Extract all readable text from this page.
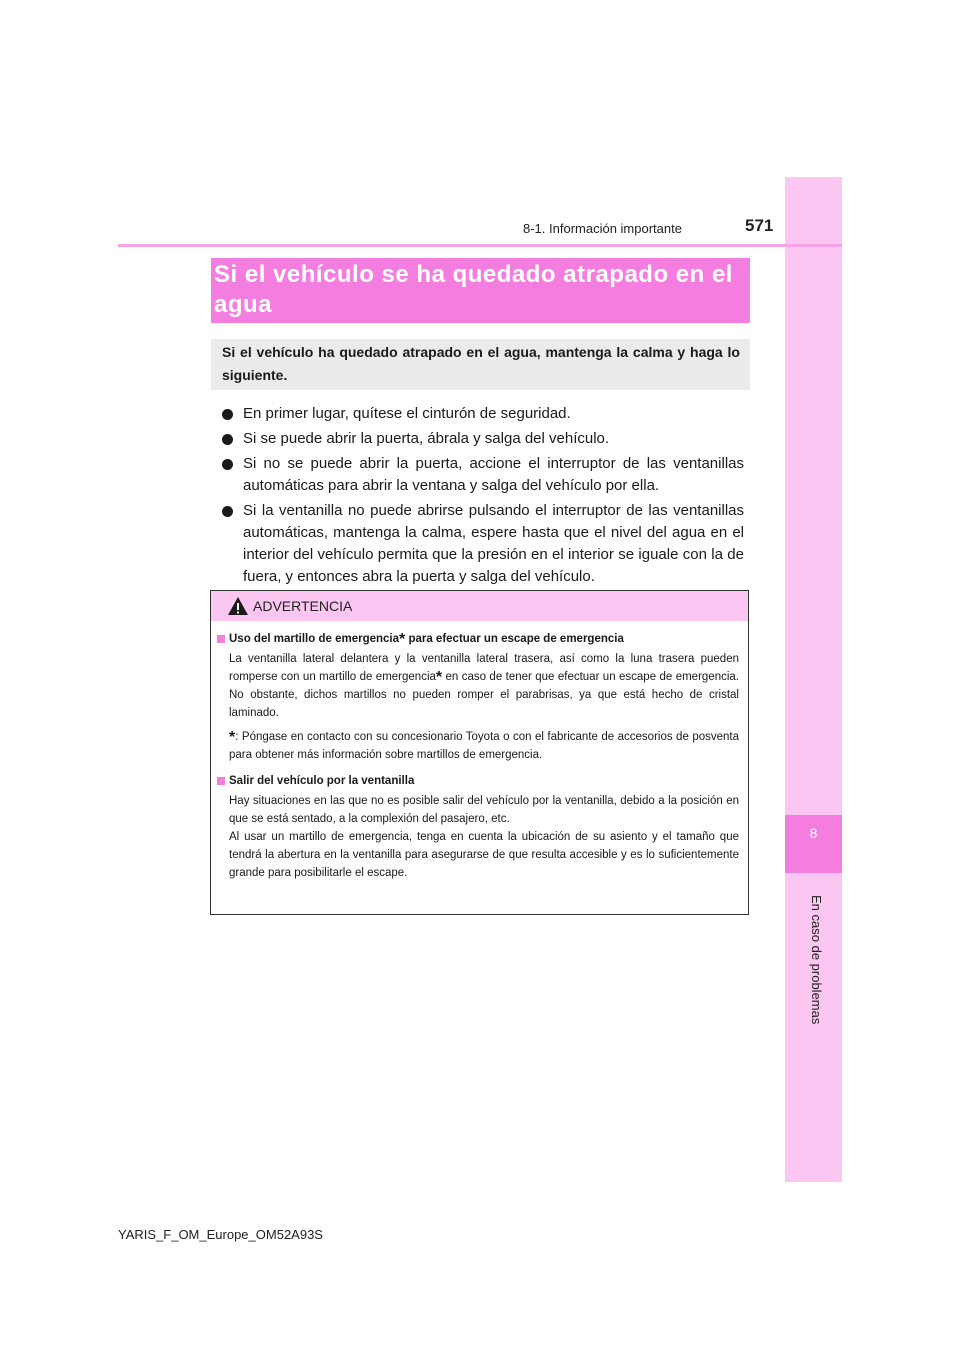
8
En caso de problemas
8-1. Información importante	571
Si el vehículo se ha quedado atrapado en el agua
Si el vehículo ha quedado atrapado en el agua, mantenga la calma y haga lo siguiente.
En primer lugar, quítese el cinturón de seguridad.
Si se puede abrir la puerta, ábrala y salga del vehículo.
Si no se puede abrir la puerta, accione el interruptor de las ventanillas automáticas para abrir la ventana y salga del vehículo por ella.
Si la ventanilla no puede abrirse pulsando el interruptor de las ventanillas automáticas, mantenga la calma, espere hasta que el nivel del agua en el interior del vehículo permita que la presión en el interior se iguale con la de fuera, y entonces abra la puerta y salga del vehículo.
ADVERTENCIA
Uso del martillo de emergencia* para efectuar un escape de emergencia
La ventanilla lateral delantera y la ventanilla lateral trasera, así como la luna trasera pueden romperse con un martillo de emergencia* en caso de tener que efectuar un escape de emergencia. No obstante, dichos martillos no pueden romper el parabrisas, ya que está hecho de cristal laminado.
*: Póngase en contacto con su concesionario Toyota o con el fabricante de accesorios de posventa para obtener más información sobre martillos de emergencia.
Salir del vehículo por la ventanilla
Hay situaciones en las que no es posible salir del vehículo por la ventanilla, debido a la posición en que se está sentado, a la complexión del pasajero, etc.
Al usar un martillo de emergencia, tenga en cuenta la ubicación de su asiento y el tamaño que tendrá la abertura en la ventanilla para asegurarse de que resulta accesible y es lo suficientemente grande para posibilitarle el escape.
YARIS_F_OM_Europe_OM52A93S
